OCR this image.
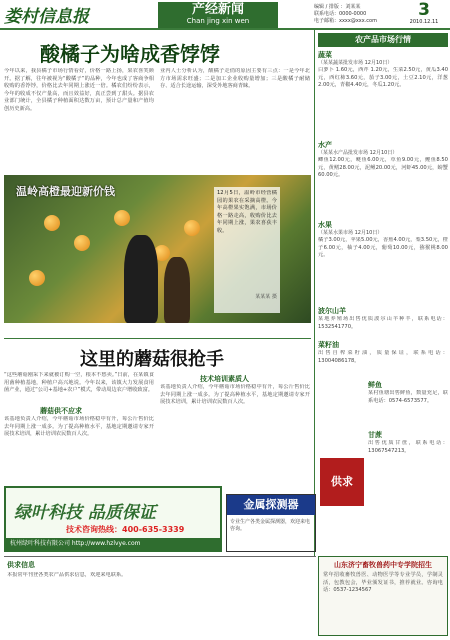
娄村信息报	产经新闻
Chan jing xin wen
编辑 / 排版 ：刘某某
联系电话：0000-0000
电子邮箱：xxxx@xxx.com
3
2010.12.11
酸橘子为啥成香饽饽
今年以来，我县橘子市场行情看好，价格一路上扬，果农喜笑颜开。据了解，往年被视为“酸橘子”的品种，今年也成了客商争相收购的香饽饽，价格比去年同期上涨近一倍。橘农们纷纷表示，今年的收成不仅产量高，而且效益好，真正尝到了甜头。据县农业部门统计，全县橘子种植面积达数万亩，预计总产量和产值均创历史新高。
业内人士分析认为，酸橘子走俏的原因主要有三点：一是今年北方市场需求旺盛；二是加工企业收购量增加；三是酸橘子耐储存、适合长途运输，深受外地客商青睐。
温岭高橙最迎新价钱	12月5日，温岭市经营橘园的果农在采摘高橙。今年高橙果实饱满，市场价格一路走高，收购价比去年同期上涨，果农喜获丰收。
某某某 摄
这里的蘑菇很抢手
“这些蘑菇刚采下来就被订购一空，根本不愁卖。”日前，在某镇食用菌种植基地，种植户高兴地说。今年以来，该镇大力发展食用菌产业，通过“公司+基地+农户”模式，带动周边农户增收致富。
蘑菇供不应求
该基地负责人介绍，今年蘑菇市场价格稳中有升，每公斤售价比去年同期上涨一成多。为了提高种植水平，基地定期邀请专家开展技术培训，累计培训农民数百人次。
技术培训素质人
该基地负责人介绍，今年蘑菇市场价格稳中有升，每公斤售价比去年同期上涨一成多。为了提高种植水平，基地定期邀请专家开展技术培训，累计培训农民数百人次。
农产品市场行情
蔬菜
（某某蔬菜批发市场 12月10日）
白萝卜 1.60元，西芹 1.20元，生菜2.50元，黄瓜3.40元，西红柿3.60元，茄子3.00元，土豆2.10元，洋葱2.00元，青椒4.40元，冬瓜1.20元。
水产
（某某水产品批发市场 12月10日）
鲫鱼12.00元，鲢鱼6.00元，草鱼9.00元，鲤鱼8.50元，黄鳝28.00元，泥鳅20.00元，河虾45.00元，螃蟹60.00元。
水果
（某某水果市场 12月10日）
橘子3.00元，苹果5.00元，香蕉4.00元，梨3.50元，橙子6.00元，柚子4.00元，葡萄10.00元，猕猴桃8.00元。
波尔山羊
某地养殖场出售优质波尔山羊种羊，联系电话：1532541770。
菜籽油
出售自榨菜籽油，质量保证，联系电话：13004086178。
供求
鲜鱼
某村鱼塘出售鲜鱼，数量充足，联系电话：0574-6573577。
甘蔗
出售优质甘蔗，联系电话：13067547213。
绿叶科技 品质保证
技术咨询热线：400-635-3339
杭州绿叶科技有限公司 http://www.hzlvye.com
金属探测器
专业生产各类金属探测器，欢迎来电咨询。
供求信息
本报常年刊登各类农产品供求信息，欢迎来电联系。
山东济宁畜牧兽药中专学院招生
常年招收畜牧兽医、动物医学等专业学员，学制灵活，包教包会，毕业颁发证书，推荐就业。咨询电话：0537-1234567
